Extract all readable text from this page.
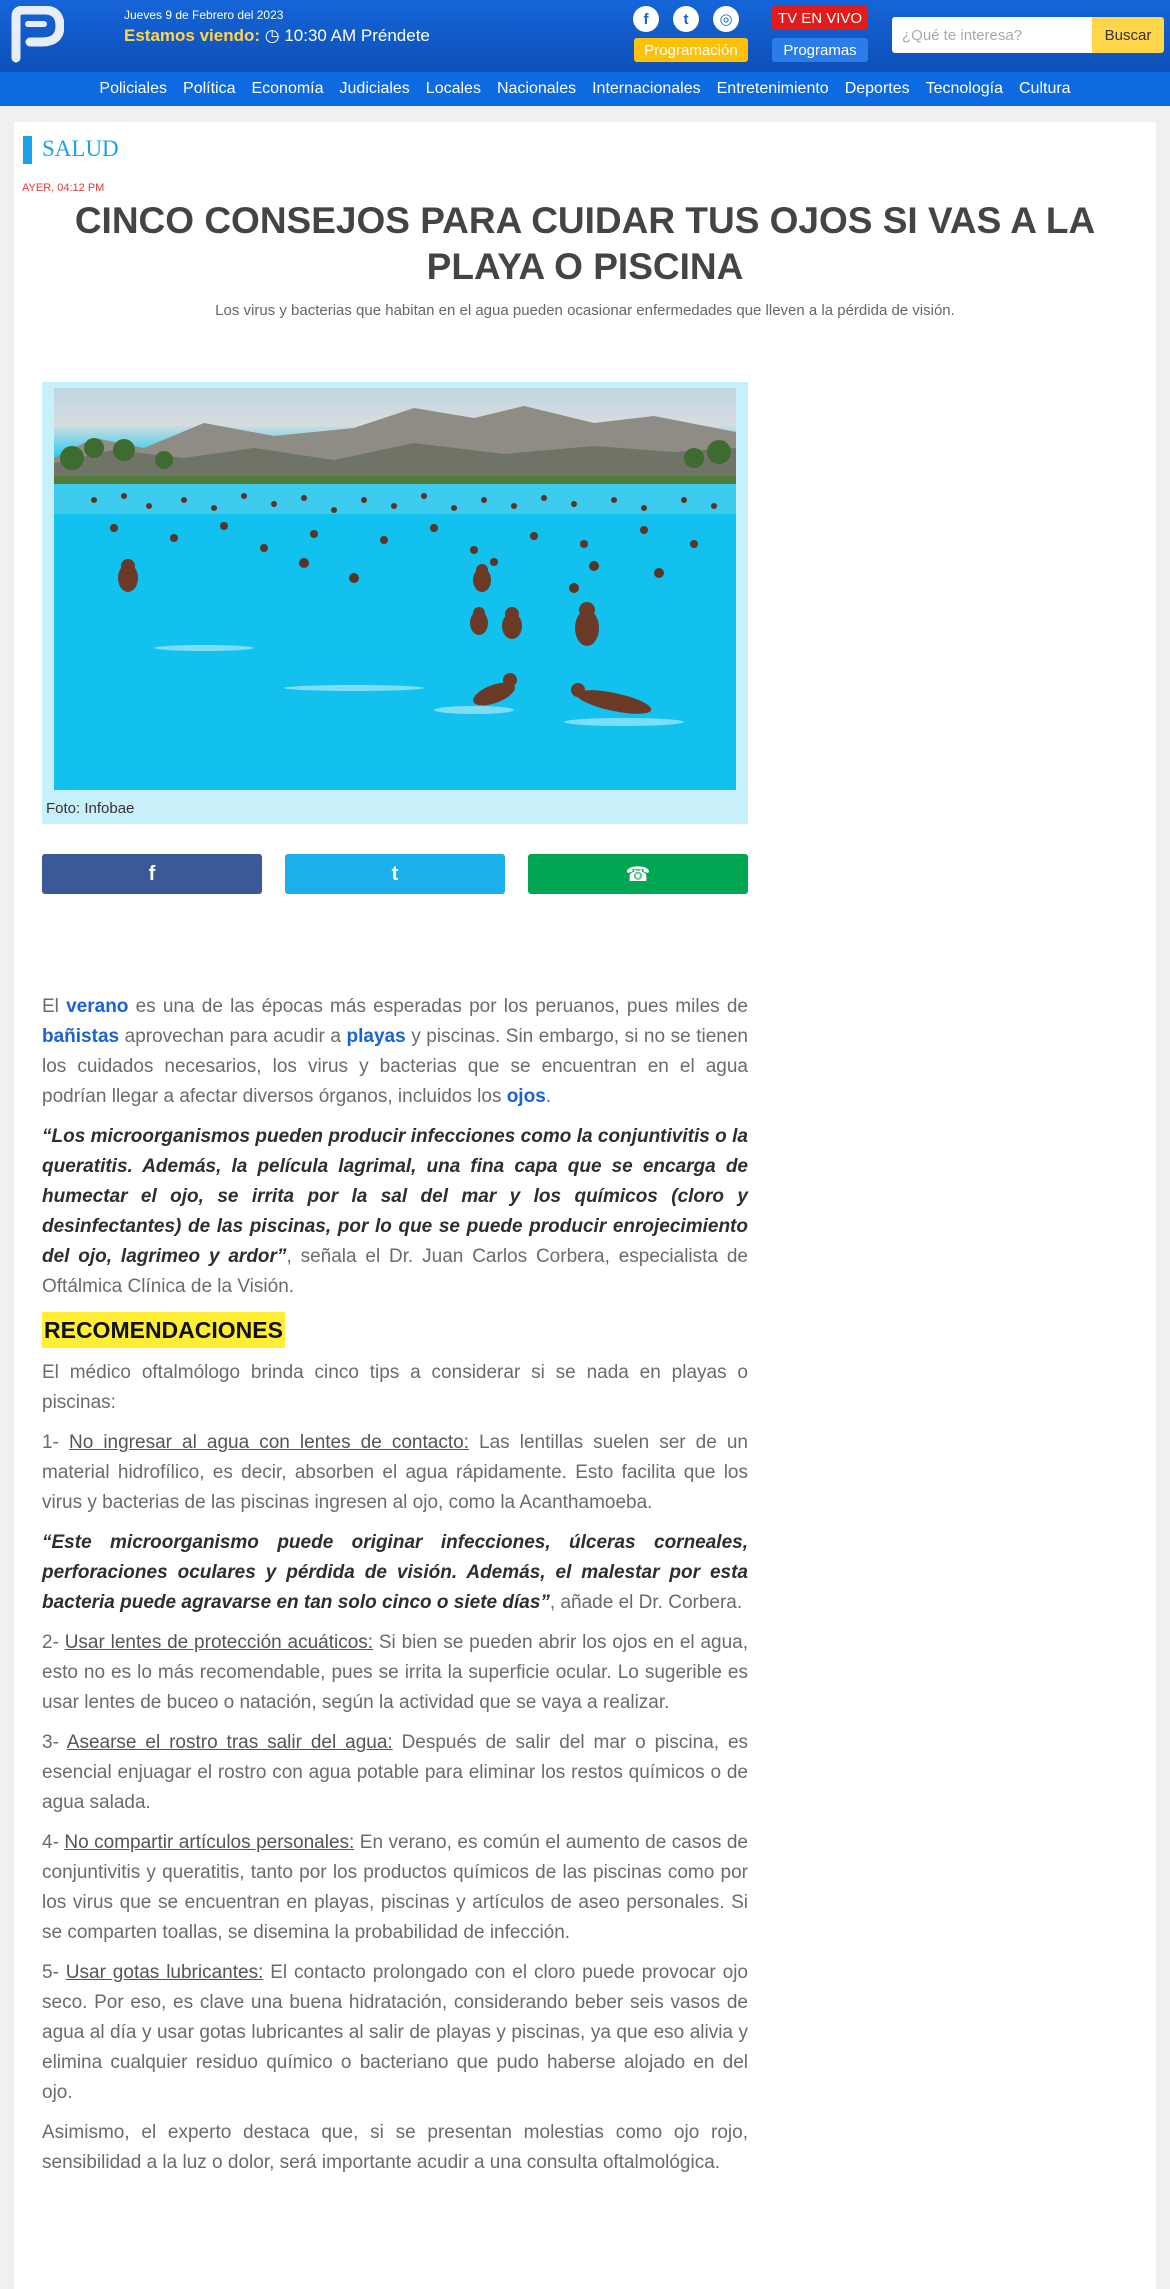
Jueves 9 de Febrero del 2023
Estamos viendo: ◷ 10:30 AM Préndete
f	t	◎
Programación
TV EN VIVO
Programas
¿Qué te interesa?
Buscar
Policiales	Política	Economía	Judiciales	Locales	Nacionales	Internacionales	Entretenimiento	Deportes	Tecnología	Cultura
SALUD
AYER, 04:12 PM
CINCO CONSEJOS PARA CUIDAR TUS OJOS SI VAS A LA PLAYA O PISCINA
Los virus y bacterias que habitan en el agua pueden ocasionar enfermedades que lleven a la pérdida de visión.
Foto: Infobae
f	t	☎

El verano es una de las épocas más esperadas por los peruanos, pues miles de bañistas aprovechan para acudir a playas y piscinas. Sin embargo, si no se tienen los cuidados necesarios, los virus y bacterias que se encuentran en el agua podrían llegar a afectar diversos órganos, incluidos los ojos.

“Los microorganismos pueden producir infecciones como la conjuntivitis o la queratitis. Además, la película lagrimal, una fina capa que se encarga de humectar el ojo, se irrita por la sal del mar y los químicos (cloro y desinfectantes) de las piscinas, por lo que se puede producir enrojecimiento del ojo, lagrimeo y ardor”, señala el Dr. Juan Carlos Corbera, especialista de Oftálmica Clínica de la Visión.

RECOMENDACIONES

El médico oftalmólogo brinda cinco tips a considerar si se nada en playas o piscinas:

1- No ingresar al agua con lentes de contacto: Las lentillas suelen ser de un material hidrofílico, es decir, absorben el agua rápidamente. Esto facilita que los virus y bacterias de las piscinas ingresen al ojo, como la Acanthamoeba.

“Este microorganismo puede originar infecciones, úlceras corneales, perforaciones oculares y pérdida de visión. Además, el malestar por esta bacteria puede agravarse en tan solo cinco o siete días”, añade el Dr. Corbera.

2- Usar lentes de protección acuáticos: Si bien se pueden abrir los ojos en el agua, esto no es lo más recomendable, pues se irrita la superficie ocular. Lo sugerible es usar lentes de buceo o natación, según la actividad que se vaya a realizar.

3- Asearse el rostro tras salir del agua: Después de salir del mar o piscina, es esencial enjuagar el rostro con agua potable para eliminar los restos químicos o de agua salada.

4- No compartir artículos personales: En verano, es común el aumento de casos de conjuntivitis y queratitis, tanto por los productos químicos de las piscinas como por los virus que se encuentran en playas, piscinas y artículos de aseo personales. Si se comparten toallas, se disemina la probabilidad de infección.

5- Usar gotas lubricantes: El contacto prolongado con el cloro puede provocar ojo seco. Por eso, es clave una buena hidratación, considerando beber seis vasos de agua al día y usar gotas lubricantes al salir de playas y piscinas, ya que eso alivia y elimina cualquier residuo químico o bacteriano que pudo haberse alojado en del ojo.

Asimismo, el experto destaca que, si se presentan molestias como ojo rojo, sensibilidad a la luz o dolor, será importante acudir a una consulta oftalmológica.
